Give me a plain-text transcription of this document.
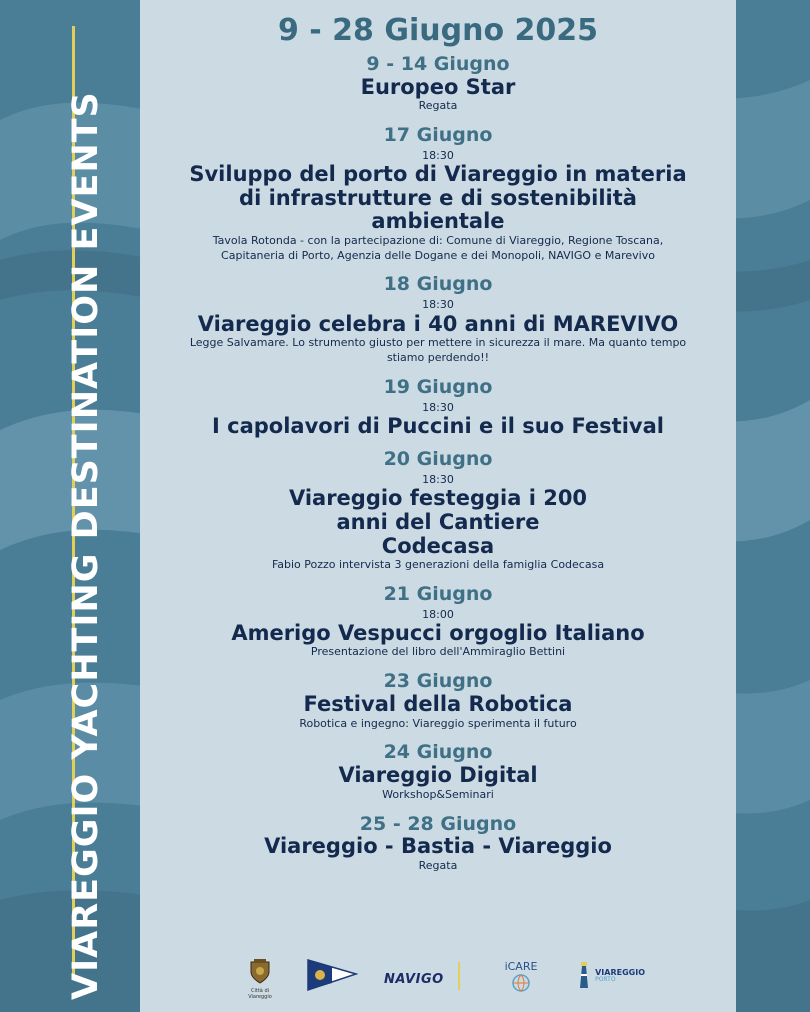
VIAREGGIO YACHTING DESTINATION EVENTS
9 - 28 Giugno 2025
9 - 14 Giugno
Europeo Star
Regata
17 Giugno
18:30
Sviluppo del porto di Viareggio in materia di infrastrutture e di sostenibilità ambientale
Tavola Rotonda - con la partecipazione di: Comune di Viareggio, Regione Toscana, Capitaneria di Porto, Agenzia delle Dogane e dei Monopoli, NAVIGO e Marevivo
18 Giugno
18:30
Viareggio celebra i 40 anni di MAREVIVO
Legge Salvamare. Lo strumento giusto per mettere in sicurezza il mare. Ma quanto tempo stiamo perdendo!!
19 Giugno
18:30
I capolavori di Puccini e il suo Festival
20 Giugno
18:30
Viareggio festeggia i 200 anni del Cantiere Codecasa
Fabio Pozzo intervista 3 generazioni della famiglia Codecasa
21 Giugno
18:00
Amerigo Vespucci orgoglio Italiano
Presentazione del libro dell'Ammiraglio Bettini
23 Giugno
Festival della Robotica
Robotica e ingegno: Viareggio sperimenta il futuro
24 Giugno
Viareggio Digital
Workshop&Seminari
25 - 28 Giugno
Viareggio - Bastia - Viareggio
Regata
Città di Viareggio
NAVIGO
iCARE
	VIAREGGIO
PORTO
